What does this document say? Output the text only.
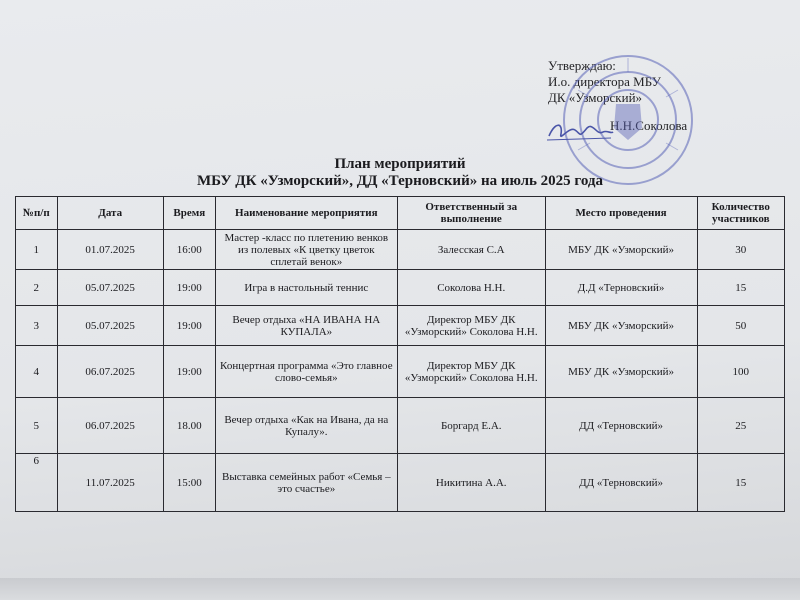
Утверждаю:
И.о. директора МБУ
ДК «Узморский»
Н.Н.Соколова
План мероприятий
МБУ ДК «Узморский», ДД «Терновский» на июль 2025 года
№п/п	Дата	Время	Наименование мероприятия	Ответственный за выполнение	Место проведения	Количество участников
1	01.07.2025	16:00	Мастер -класс по плетению венков из полевых «К цветку цветок сплетай венок»	Залесская С.А	МБУ ДК «Узморский»	30
2	05.07.2025	19:00	Игра в настольный теннис	Соколова Н.Н.	Д.Д «Терновский»	15
3	05.07.2025	19:00	Вечер отдыха «НА ИВАНА НА КУПАЛА»	Директор МБУ ДК «Узморский» Соколова Н.Н.	МБУ ДК «Узморский»	50
4	06.07.2025	19:00	Концертная программа «Это главное слово-семья»	Директор МБУ ДК «Узморский» Соколова Н.Н.	МБУ ДК «Узморский»	100
5	06.07.2025	18.00	Вечер отдыха «Как на Ивана, да на Купалу».	Боргард Е.А.	ДД «Терновский»	25
6	11.07.2025	15:00	Выставка семейных работ «Семья – это счастье»	Никитина А.А.	ДД «Терновский»	15
